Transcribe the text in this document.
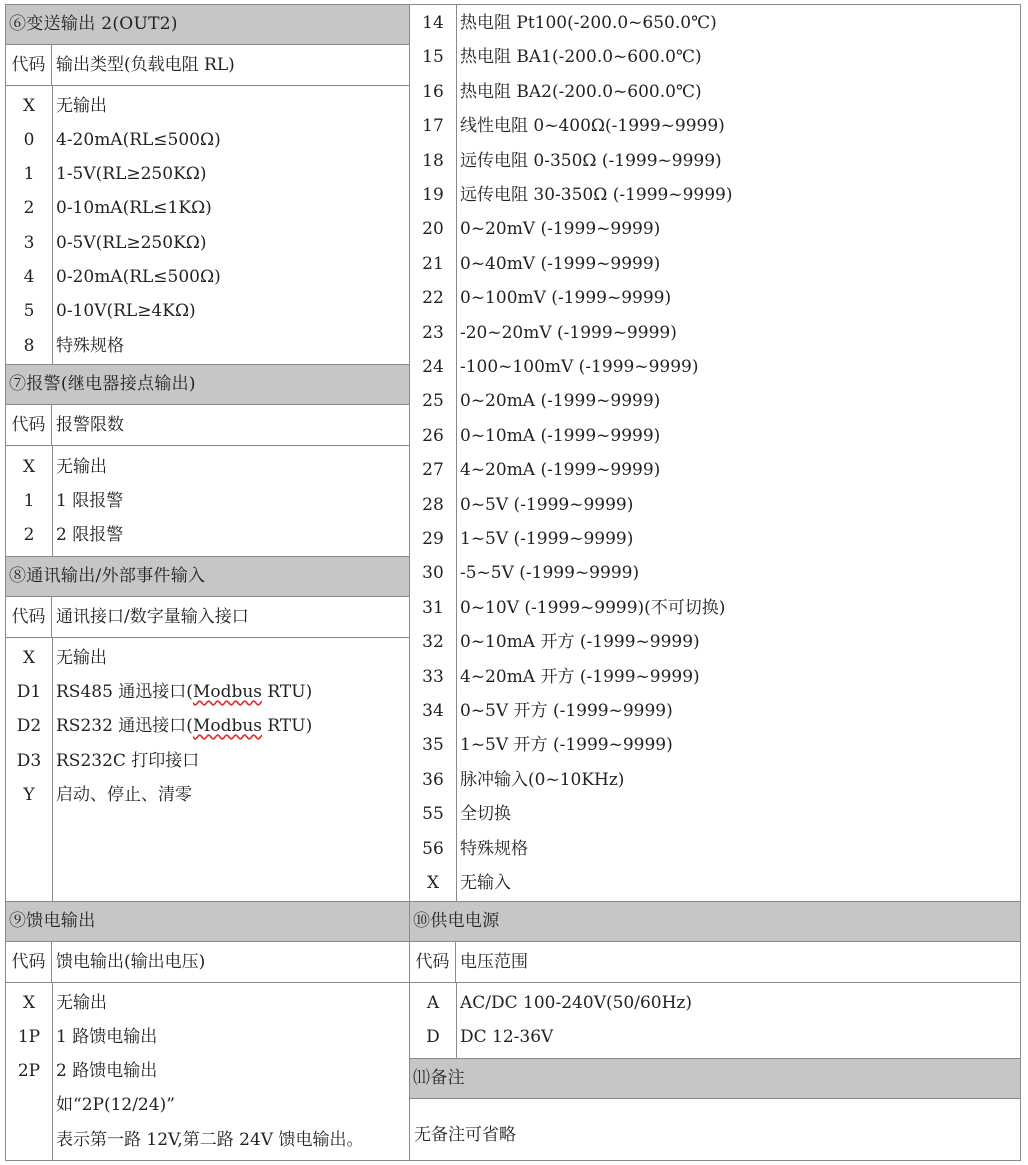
⑥变送输出 2(OUT2)
代码 输出类型(负载电阻 RL)
X	无输出
0	4-20mA(RL≤500Ω)
1	1-5V(RL≥250KΩ)
2	0-10mA(RL≤1KΩ)
3	0-5V(RL≥250KΩ)
4	0-20mA(RL≤500Ω)
5	0-10V(RL≥4KΩ)
8	特殊规格
⑦报警(继电器接点输出)
代码 报警限数
X	无输出
1	1 限报警
2	2 限报警
⑧通讯输出/外部事件输入
代码 通讯接口/数字量输入接口
X	无输出
D1 RS485 通迅接口(Modbus RTU)
D2 RS232 通迅接口(Modbus RTU)
D3 RS232C 打印接口
Y	启动、停止、清零
⑨馈电输出
代码 馈电输出(输出电压)
X	无输出
1P 1 路馈电输出
2P 2 路馈电输出
如“2P(12/24)”
表示第一路 12V,第二路 24V 馈电输出。
14 热电阻 Pt100(-200.0~650.0℃)
15 热电阻 BA1(-200.0~600.0℃)
16 热电阻 BA2(-200.0~600.0℃)
17 线性电阻 0~400Ω(-1999~9999)
18 远传电阻 0-350Ω (-1999~9999)
19 远传电阻 30-350Ω (-1999~9999)
20 0~20mV (-1999~9999)
21 0~40mV (-1999~9999)
22 0~100mV (-1999~9999)
23 -20~20mV (-1999~9999)
24 -100~100mV (-1999~9999)
25 0~20mA (-1999~9999)
26 0~10mA (-1999~9999)
27 4~20mA (-1999~9999)
28 0~5V (-1999~9999)
29 1~5V (-1999~9999)
30 -5~5V (-1999~9999)
31 0~10V (-1999~9999)(不可切换)
32 0~10mA 开方 (-1999~9999)
33 4~20mA 开方 (-1999~9999)
34 0~5V 开方 (-1999~9999)
35 1~5V 开方 (-1999~9999)
36 脉冲输入(0~10KHz)
55 全切换
56 特殊规格
X	无输入
⑩供电电源
代码 电压范围
A	AC/DC 100-240V(50/60Hz)
D	DC 12-36V
⑾备注
无备注可省略
